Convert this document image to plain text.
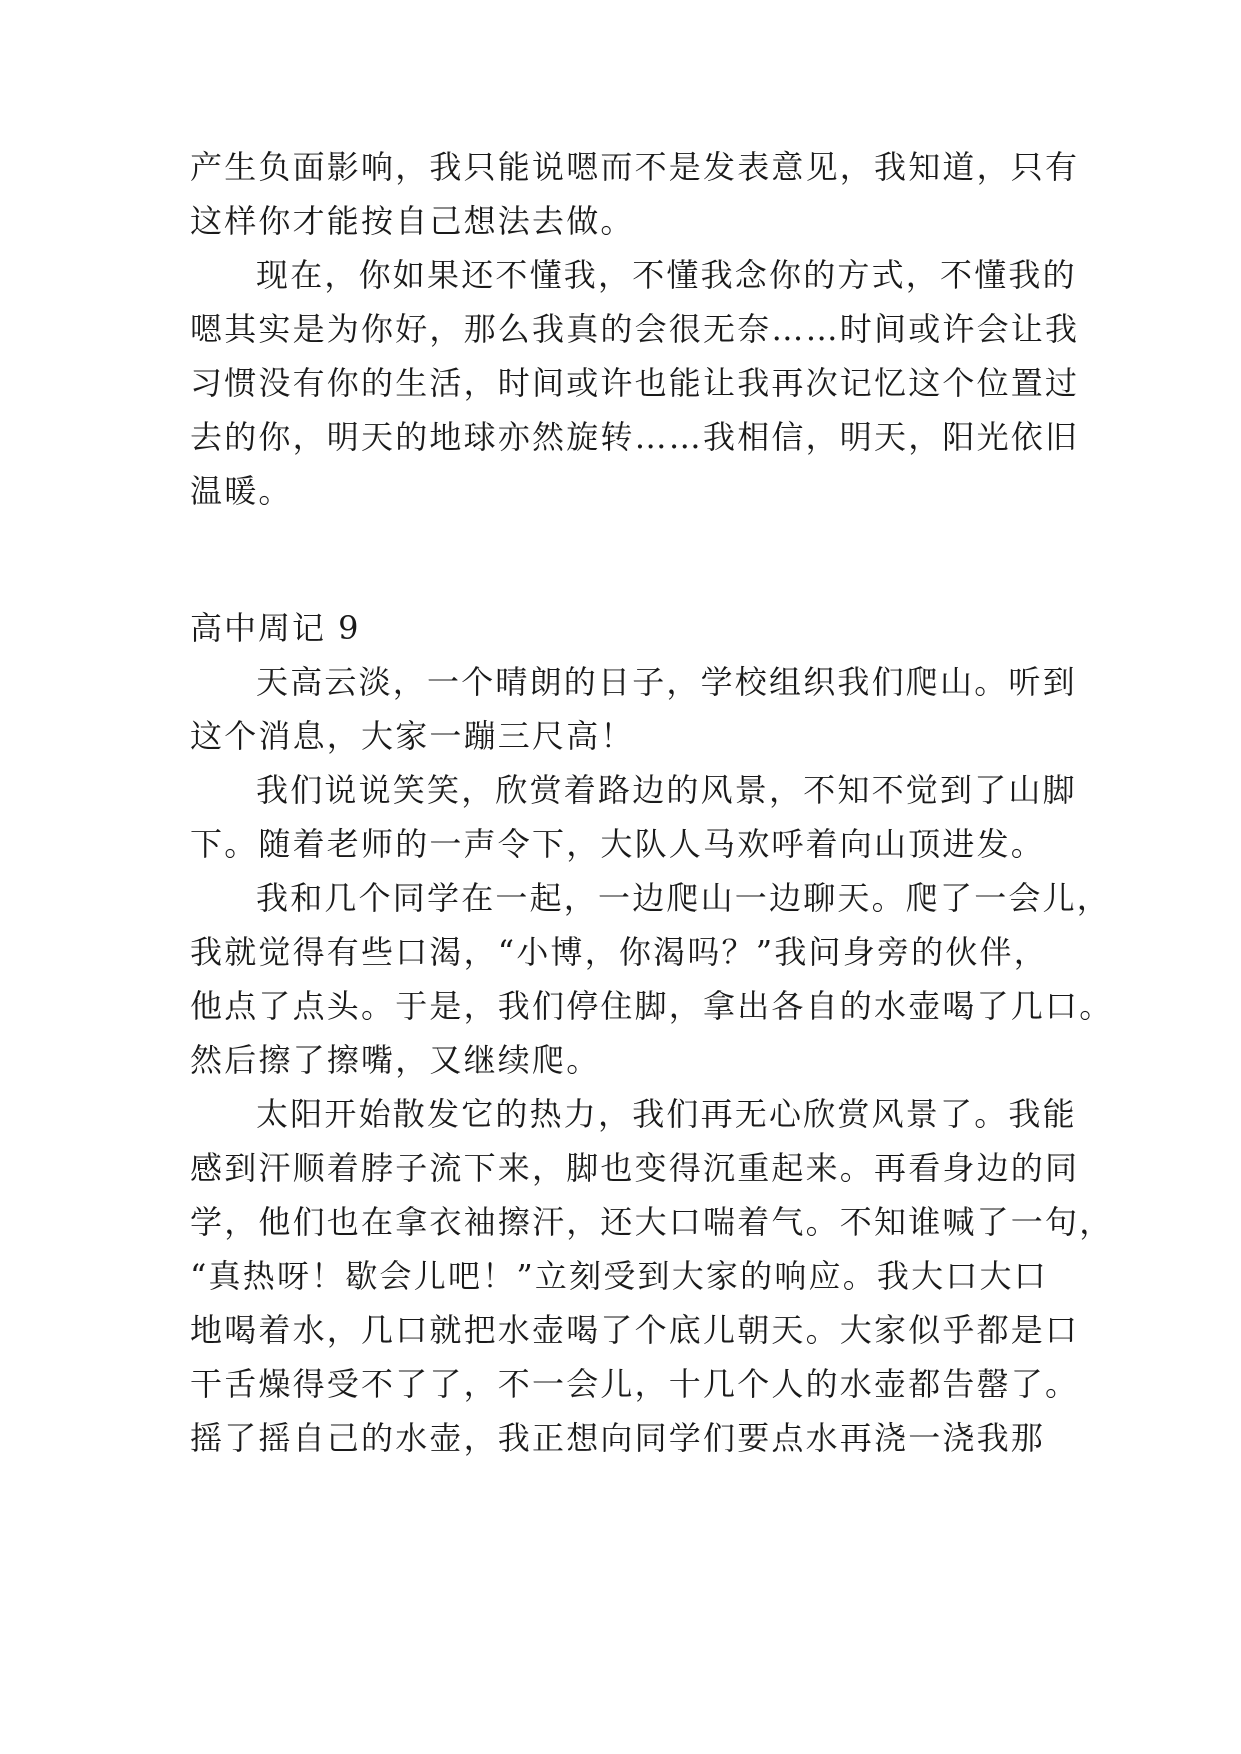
产生负面影响，我只能说嗯而不是发表意见，我知道，只有
这样你才能按自己想法去做。
现在，你如果还不懂我，不懂我念你的方式，不懂我的
嗯其实是为你好，那么我真的会很无奈……时间或许会让我
习惯没有你的生活，时间或许也能让我再次记忆这个位置过
去的你，明天的地球亦然旋转……我相信，明天，阳光依旧
温暖。
高中周记 9
天高云淡，一个晴朗的日子，学校组织我们爬山。听到
这个消息，大家一蹦三尺高！
我们说说笑笑，欣赏着路边的风景，不知不觉到了山脚
下。随着老师的一声令下，大队人马欢呼着向山顶进发。
我和几个同学在一起，一边爬山一边聊天。爬了一会儿，
我就觉得有些口渴，“小博，你渴吗？”我问身旁的伙伴，
他点了点头。于是，我们停住脚，拿出各自的水壶喝了几口。
然后擦了擦嘴，又继续爬。
太阳开始散发它的热力，我们再无心欣赏风景了。我能
感到汗顺着脖子流下来，脚也变得沉重起来。再看身边的同
学，他们也在拿衣袖擦汗，还大口喘着气。不知谁喊了一句，
“真热呀！歇会儿吧！”立刻受到大家的响应。我大口大口
地喝着水，几口就把水壶喝了个底儿朝天。大家似乎都是口
干舌燥得受不了了，不一会儿，十几个人的水壶都告罄了。
摇了摇自己的水壶，我正想向同学们要点水再浇一浇我那
